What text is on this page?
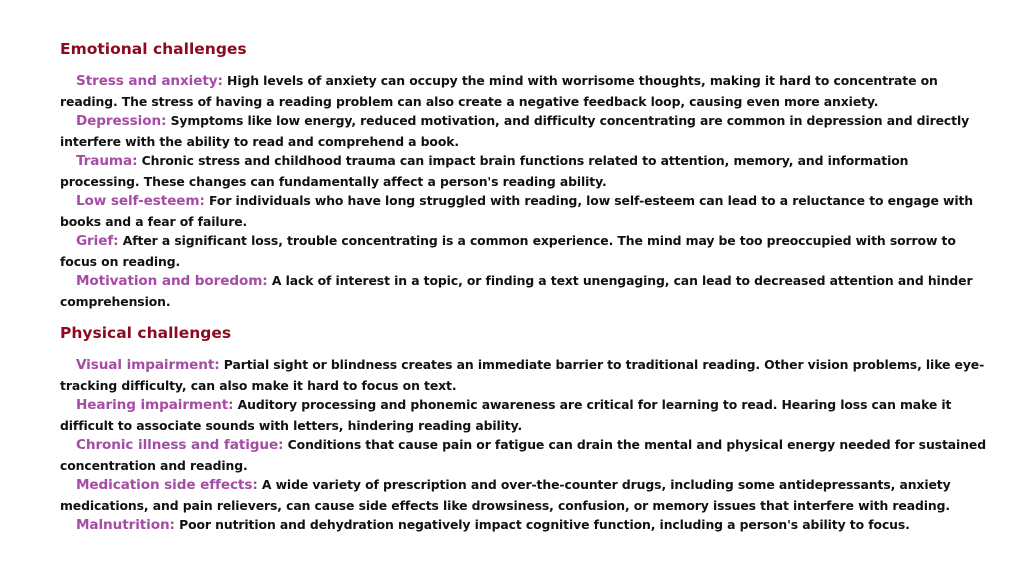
Emotional challenges
Stress and anxiety: High levels of anxiety can occupy the mind with worrisome thoughts, making it hard to concentrate on reading. The stress of having a reading problem can also create a negative feedback loop, causing even more anxiety.
Depression: Symptoms like low energy, reduced motivation, and difficulty concentrating are common in depression and directly interfere with the ability to read and comprehend a book.
Trauma: Chronic stress and childhood trauma can impact brain functions related to attention, memory, and information processing. These changes can fundamentally affect a person's reading ability.
Low self-esteem: For individuals who have long struggled with reading, low self-esteem can lead to a reluctance to engage with books and a fear of failure.
Grief: After a significant loss, trouble concentrating is a common experience. The mind may be too preoccupied with sorrow to focus on reading.
Motivation and boredom: A lack of interest in a topic, or finding a text unengaging, can lead to decreased attention and hinder comprehension.
Physical challenges
Visual impairment: Partial sight or blindness creates an immediate barrier to traditional reading. Other vision problems, like eye-tracking difficulty, can also make it hard to focus on text.
Hearing impairment: Auditory processing and phonemic awareness are critical for learning to read. Hearing loss can make it difficult to associate sounds with letters, hindering reading ability.
Chronic illness and fatigue: Conditions that cause pain or fatigue can drain the mental and physical energy needed for sustained concentration and reading.
Medication side effects: A wide variety of prescription and over-the-counter drugs, including some antidepressants, anxiety medications, and pain relievers, can cause side effects like drowsiness, confusion, or memory issues that interfere with reading.
Malnutrition: Poor nutrition and dehydration negatively impact cognitive function, including a person's ability to focus.
